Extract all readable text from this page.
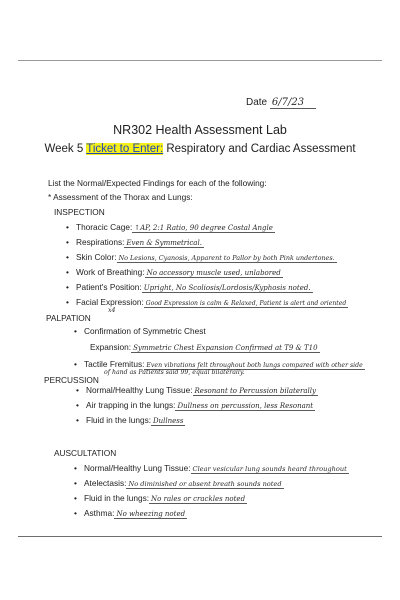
Date 6/7/23
NR302 Health Assessment Lab
Week 5 Ticket to Enter: Respiratory and Cardiac Assessment
List the Normal/Expected Findings for each of the following:
* Assessment of the Thorax and Lungs:
INSPECTION
• Thoracic Cage: ↑AP, 2:1 Ratio, 90 degree Costal Angle
• Respirations: Even & Symmetrical.
• Skin Color: No Lesions, Cyanosis, Apparent to Pallor by both Pink undertones.
• Work of Breathing: No accessory muscle used, unlabored
• Patient's Position: Upright, No Scoliosis/Lordosis/Kyphosis noted.
• Facial Expression: Good Expression is calm & Relaxed, Patient is alert and oriented
x4
PALPATION
• Confirmation of Symmetric Chest
Expansion: Symmetric Chest Expansion Confirmed at T9 & T10
• Tactile Fremitus: Even vibrations felt throughout both lungs compared with other side
of hand as Patients said 99, equal bilaterally.
PERCUSSION
• Normal/Healthy Lung Tissue: Resonant to Percussion bilaterally
• Air trapping in the lungs: Dullness on percussion, less Resonant
• Fluid in the lungs: Dullness
AUSCULTATION
• Normal/Healthy Lung Tissue: Clear vesicular lung sounds heard throughout
• Atelectasis: No diminished or absent breath sounds noted
• Fluid in the lungs: No rales or crackles noted
• Asthma: No wheezing noted
